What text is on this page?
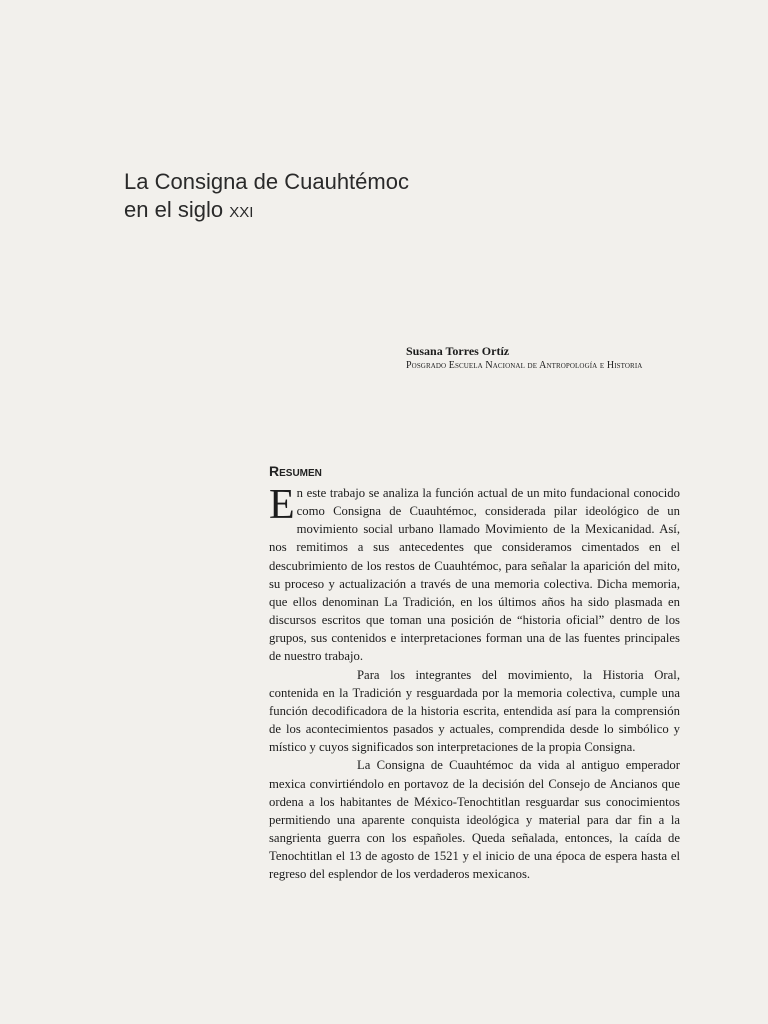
La Consigna de Cuauhtémoc
en el siglo XXI
Susana Torres Ortíz
Posgrado Escuela Nacional de Antropología e Historia
Resumen

En este trabajo se analiza la función actual de un mito fundacional conocido como Consigna de Cuauhtémoc, considerada pilar ideológico de un movimiento social urbano llamado Movimiento de la Mexicanidad. Así, nos remitimos a sus antecedentes que consideramos cimentados en el descubrimiento de los restos de Cuauhtémoc, para señalar la aparición del mito, su proceso y actualización a través de una memoria colectiva. Dicha memoria, que ellos denominan La Tradición, en los últimos años ha sido plasmada en discursos escritos que toman una posición de “historia oficial” dentro de los grupos, sus contenidos e interpretaciones forman una de las fuentes principales de nuestro trabajo.

Para los integrantes del movimiento, la Historia Oral, contenida en la Tradición y resguardada por la memoria colectiva, cumple una función decodificadora de la historia escrita, entendida así para la comprensión de los acontecimientos pasados y actuales, comprendida desde lo simbólico y místico y cuyos significados son interpretaciones de la propia Consigna.

La Consigna de Cuauhtémoc da vida al antiguo emperador mexica convirtiéndolo en portavoz de la decisión del Consejo de Ancianos que ordena a los habitantes de México-Tenochtitlan resguardar sus conocimientos permitiendo una aparente conquista ideológica y material para dar fin a la sangrienta guerra con los españoles. Queda señalada, entonces, la caída de Tenochtitlan el 13 de agosto de 1521 y el inicio de una época de espera hasta el regreso del esplendor de los verdaderos mexicanos.
